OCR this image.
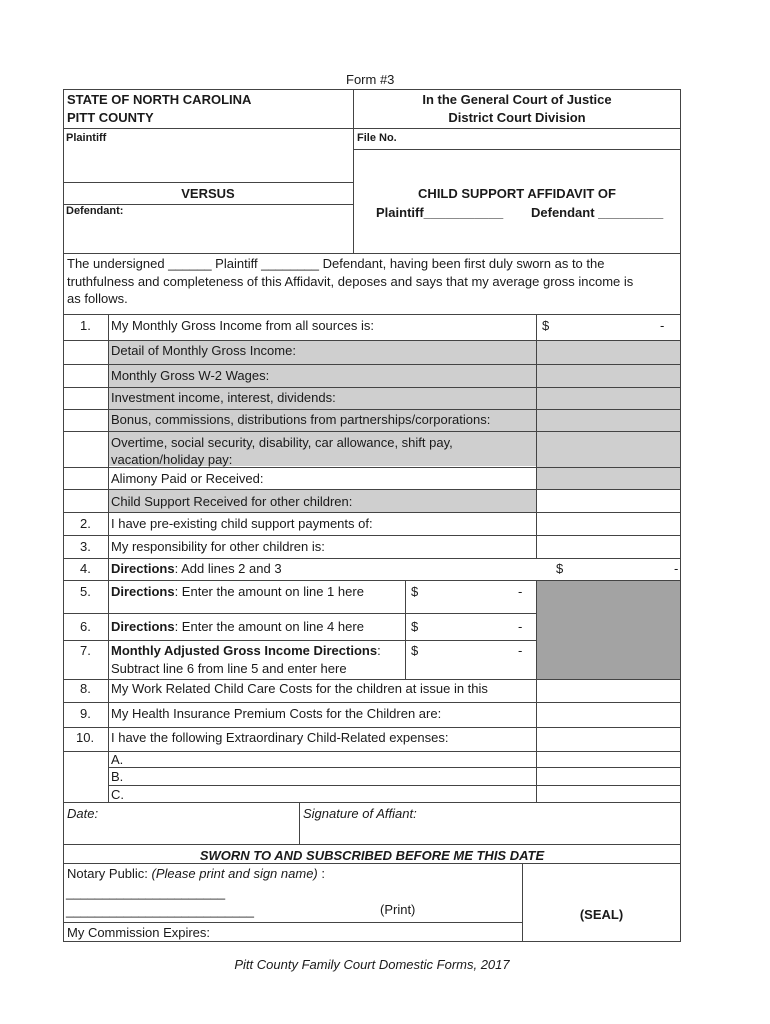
Form #3
STATE OF NORTH CAROLINA
PITT COUNTY
In the General Court of Justice
District Court Division
Plaintiff	File No.
VERSUS
Defendant:
CHILD SUPPORT AFFIDAVIT OF
Plaintiff___________ Defendant _________
The undersigned ______ Plaintiff ________ Defendant, having been first duly sworn as to the
truthfulness and completeness of this Affidavit, deposes and says that my average gross income is
as follows.
1. My Monthly Gross Income from all sources is:	$	-
Detail of Monthly Gross Income:
Monthly Gross W-2 Wages:
Investment income, interest, dividends:
Bonus, commissions, distributions from partnerships/corporations:
Overtime, social security, disability, car allowance, shift pay,
vacation/holiday pay:
Alimony Paid or Received:
Child Support Received for other children:
2. I have pre-existing child support payments of:
3. My responsibility for other children is:
4. Directions: Add lines 2 and 3	$	-
5. Directions: Enter the amount on line 1 here	$	-
6. Directions: Enter the amount on line 4 here	$	-
7. Monthly Adjusted Gross Income Directions:
Subtract line 6 from line 5 and enter here
$	-
8. My Work Related Child Care Costs for the children at issue in this
9. My Health Insurance Premium Costs for the Children are:
10. I have the following Extraordinary Child-Related expenses:
A.
B.
C.
Date:	Signature of Affiant:
SWORN TO AND SUBSCRIBED BEFORE ME THIS DATE
Notary Public: (Please print and sign name) :
______________________
__________________________	(Print)	(SEAL)
My Commission Expires:
Pitt County Family Court Domestic Forms, 2017
